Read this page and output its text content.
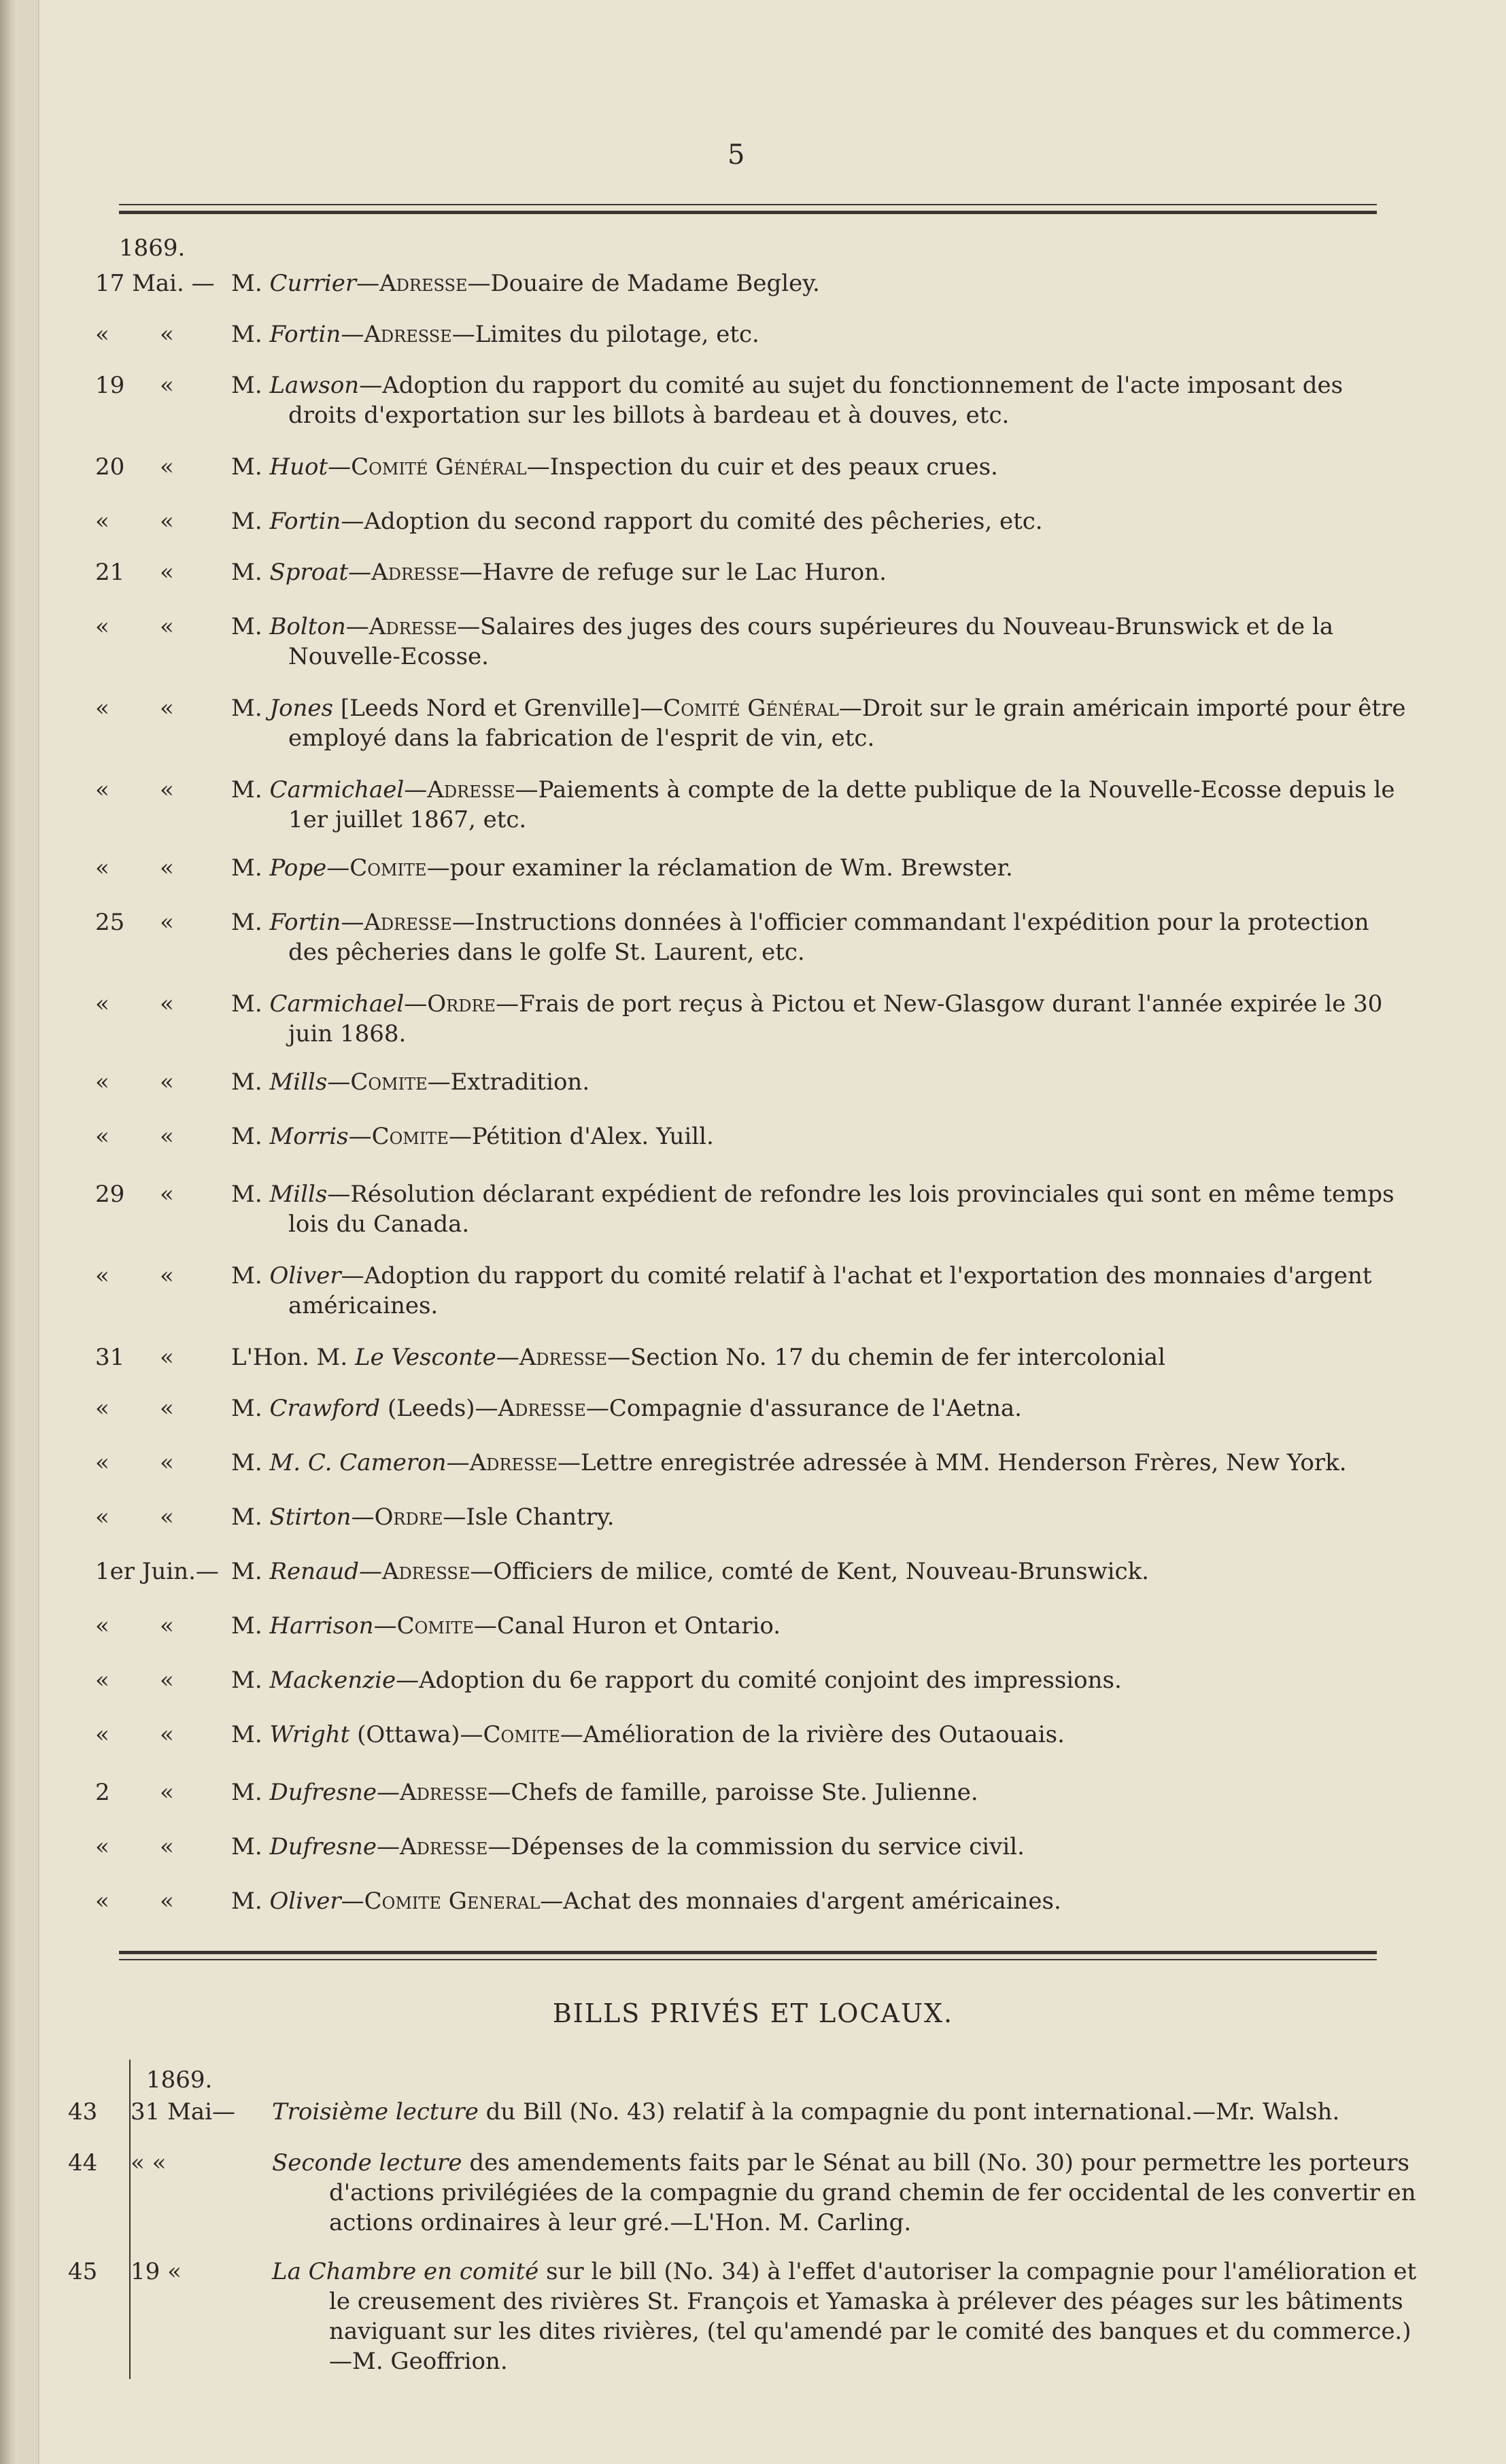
5
1869.
17 Mai. — M. Currier—Adresse—Douaire de Madame Begley.
«	« M. Fortin—Adresse—Limites du pilotage, etc.
19	« M. Lawson—Adoption du rapport du comité au sujet du fonctionnement de l'acte imposant des droits d'exportation sur les billots à bardeau et à douves, etc.
20	« M. Huot—Comité Général—Inspection du cuir et des peaux crues.
«	« M. Fortin—Adoption du second rapport du comité des pêcheries, etc.
21	« M. Sproat—Adresse—Havre de refuge sur le Lac Huron.
«	« M. Bolton—Adresse—Salaires des juges des cours supérieures du Nouveau-Brunswick et de la Nouvelle-Ecosse.
«	« M. Jones [Leeds Nord et Grenville]—Comité Général—Droit sur le grain américain importé pour être employé dans la fabrication de l'esprit de vin, etc.
«	« M. Carmichael—Adresse—Paiements à compte de la dette publique de la Nouvelle-Ecosse depuis le 1er juillet 1867, etc.
«	« M. Pope—Comite—pour examiner la réclamation de Wm. Brewster.
25	« M. Fortin—Adresse—Instructions données à l'officier commandant l'expédition pour la protection des pêcheries dans le golfe St. Laurent, etc.
«	« M. Carmichael—Ordre—Frais de port reçus à Pictou et New-Glasgow durant l'année expirée le 30 juin 1868.
«	« M. Mills—Comite—Extradition.
«	« M. Morris—Comite—Pétition d'Alex. Yuill.
29	« M. Mills—Résolution déclarant expédient de refondre les lois provinciales qui sont en même temps lois du Canada.
«	« M. Oliver—Adoption du rapport du comité relatif à l'achat et l'exportation des monnaies d'argent américaines.
31	« L'Hon. M. Le Vesconte—Adresse—Section No. 17 du chemin de fer intercolonial
«	« M. Crawford (Leeds)—Adresse—Compagnie d'assurance de l'Aetna.
«	« M. M. C. Cameron—Adresse—Lettre enregistrée adressée à MM. Henderson Frères, New York.
«	« M. Stirton—Ordre—Isle Chantry.
1er Juin.— M. Renaud—Adresse—Officiers de milice, comté de Kent, Nouveau-Brunswick.
«	« M. Harrison—Comite—Canal Huron et Ontario.
«	« M. Mackenzie—Adoption du 6e rapport du comité conjoint des impressions.
«	« M. Wright (Ottawa)—Comite—Amélioration de la rivière des Outaouais.
2	« M. Dufresne—Adresse—Chefs de famille, paroisse Ste. Julienne.
«	« M. Dufresne—Adresse—Dépenses de la commission du service civil.
«	« M. Oliver—Comite General—Achat des monnaies d'argent américaines.
BILLS PRIVÉS ET LOCAUX.
1869.
43	31 Mai— Troisième lecture du Bill (No. 43) relatif à la compagnie du pont international.—Mr. Walsh.
44	« «	Seconde lecture des amendements faits par le Sénat au bill (No. 30) pour permettre les porteurs d'actions privilégiées de la compagnie du grand chemin de fer occidental de les convertir en actions ordinaires à leur gré.—L'Hon. M. Carling.
45	19 «	La Chambre en comité sur le bill (No. 34) à l'effet d'autoriser la compagnie pour l'amélioration et le creusement des rivières St. François et Yamaska à prélever des péages sur les bâtiments naviguant sur les dites rivières, (tel qu'amendé par le comité des banques et du commerce.)—M. Geoffrion.
